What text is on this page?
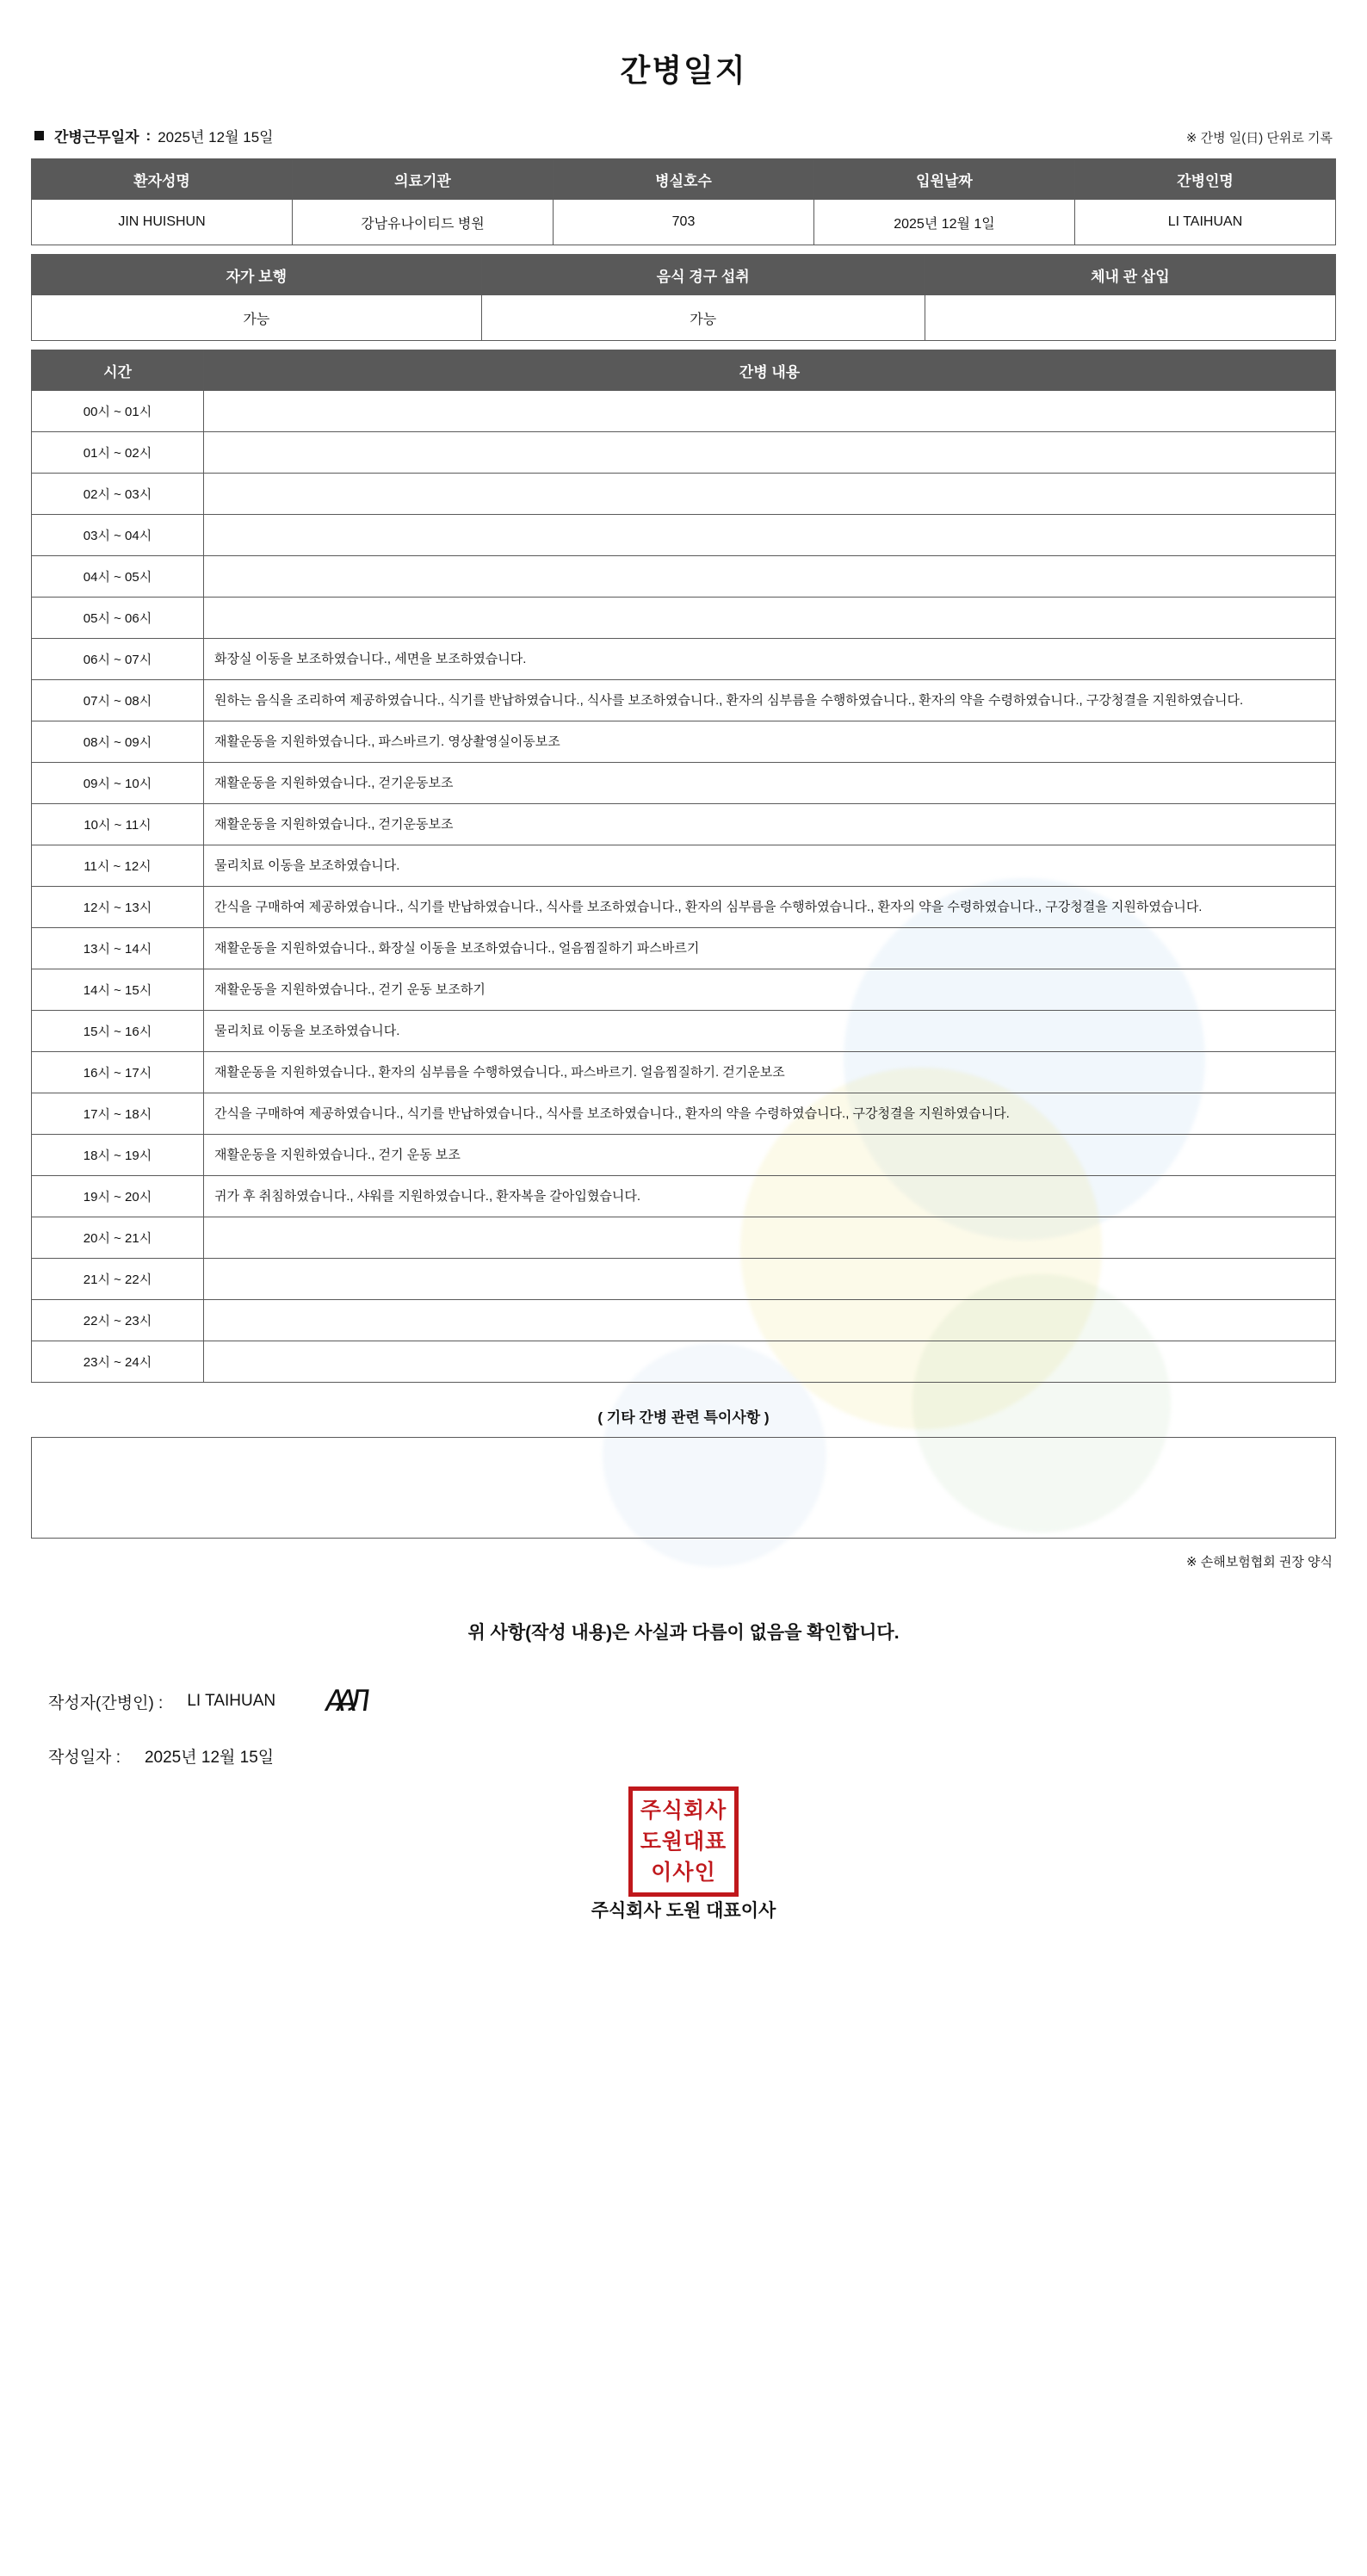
간병일지
간병근무일자 : 2025년 12월 15일	※ 간병 일(日) 단위로 기록
환자성명	의료기관	병실호수	입원날짜	간병인명
JIN HUISHUN	강남유나이티드 병원	703	2025년 12월 1일	LI TAIHUAN
자가 보행	음식 경구 섭취	체내 관 삽입
가능	가능	
시간	간병 내용
00시 ~ 01시	
01시 ~ 02시	
02시 ~ 03시	
03시 ~ 04시	
04시 ~ 05시	
05시 ~ 06시	
06시 ~ 07시	화장실 이동을 보조하였습니다., 세면을 보조하였습니다.
07시 ~ 08시	원하는 음식을 조리하여 제공하였습니다., 식기를 반납하였습니다., 식사를 보조하였습니다., 환자의 심부름을 수행하였습니다., 환자의 약을 수령하였습니다., 구강청결을 지원하였습니다.
08시 ~ 09시	재활운동을 지원하였습니다., 파스바르기. 영상촬영실이동보조
09시 ~ 10시	재활운동을 지원하였습니다., 걷기운동보조
10시 ~ 11시	재활운동을 지원하였습니다., 걷기운동보조
11시 ~ 12시	물리치료 이동을 보조하였습니다.
12시 ~ 13시	간식을 구매하여 제공하였습니다., 식기를 반납하였습니다., 식사를 보조하였습니다., 환자의 심부름을 수행하였습니다., 환자의 약을 수령하였습니다., 구강청결을 지원하였습니다.
13시 ~ 14시	재활운동을 지원하였습니다., 화장실 이동을 보조하였습니다., 얼음찜질하기 파스바르기
14시 ~ 15시	재활운동을 지원하였습니다., 걷기 운동 보조하기
15시 ~ 16시	물리치료 이동을 보조하였습니다.
16시 ~ 17시	재활운동을 지원하였습니다., 환자의 심부름을 수행하였습니다., 파스바르기. 얼음찜질하기. 걷기운보조
17시 ~ 18시	간식을 구매하여 제공하였습니다., 식기를 반납하였습니다., 식사를 보조하였습니다., 환자의 약을 수령하였습니다., 구강청결을 지원하였습니다.
18시 ~ 19시	재활운동을 지원하였습니다., 걷기 운동 보조
19시 ~ 20시	귀가 후 취침하였습니다., 샤워를 지원하였습니다., 환자복을 갈아입혔습니다.
20시 ~ 21시	
21시 ~ 22시	
22시 ~ 23시	
23시 ~ 24시	
( 기타 간병 관련 특이사항 )
※ 손해보험협회 권장 양식
위 사항(작성 내용)은 사실과 다름이 없음을 확인합니다.
작성자(간병인) : LI TAIHUAN ААЛ
작성일자 : 2025년 12월 15일
주식회사
도원대표
이사인
주식회사 도원 대표이사
